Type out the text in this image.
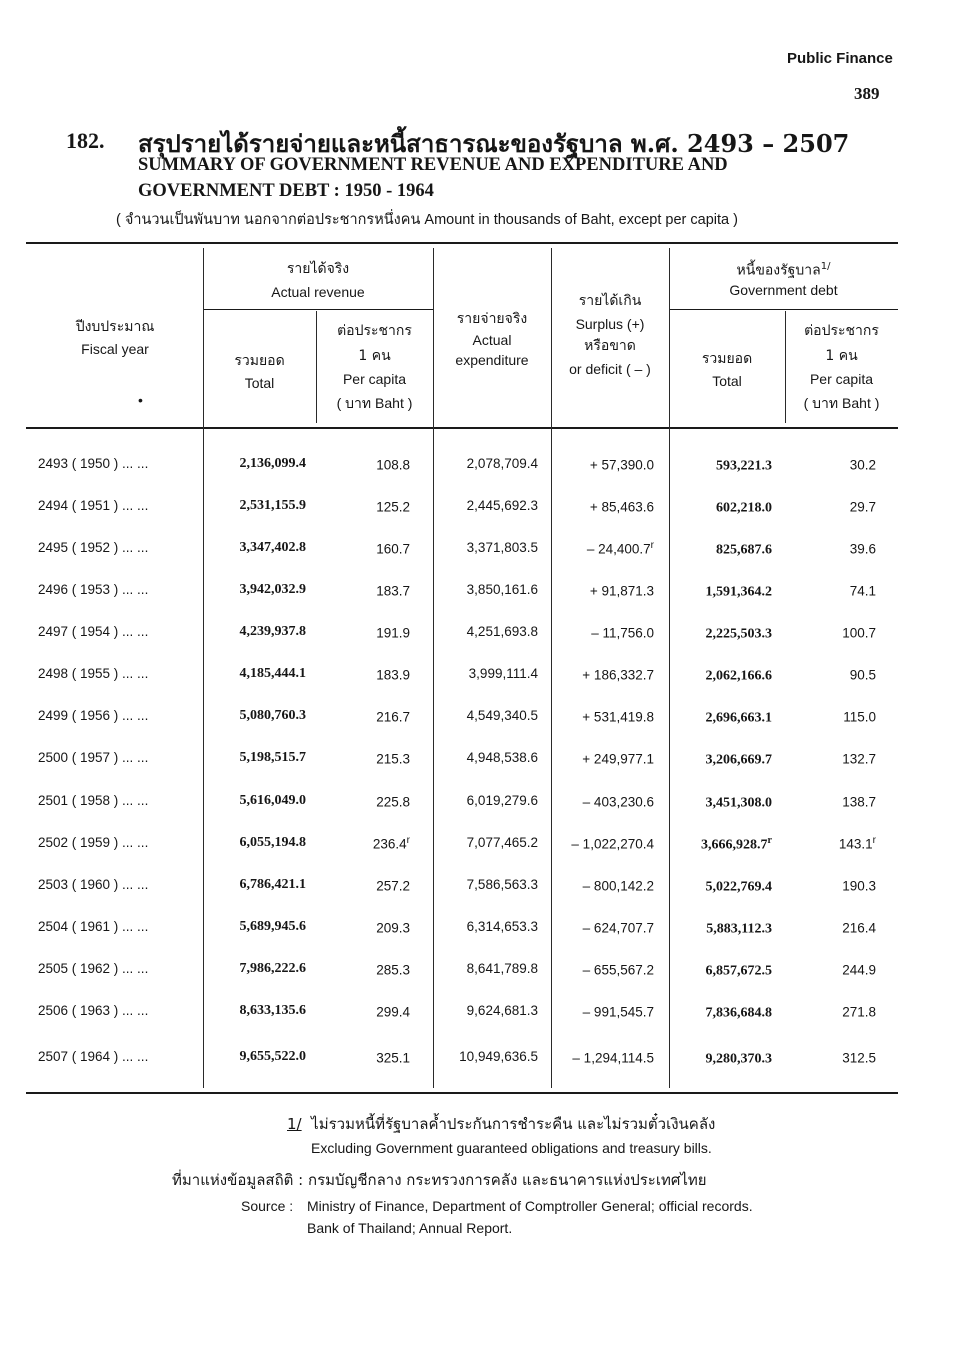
Public Finance
389
182. สรุปรายได้รายจ่ายและหนี้สาธารณะของรัฐบาล พ.ศ. 2493 – 2507
SUMMARY OF GOVERNMENT REVENUE AND EXPENDITURE AND
GOVERNMENT DEBT : 1950 - 1964
( จำนวนเป็นพันบาท นอกจากต่อประชากรหนึ่งคน Amount in thousands of Baht, except per capita )
ปีงบประมาณ
Fiscal year
•
รายได้จริง
Actual revenue
รวมยอด
Total
ต่อประชากร
1 คน
Per capita
( บาท Baht )
รายจ่ายจริง
Actual
expenditure
รายได้เกิน
Surplus (+)
หรือขาด
or deficit ( – )
หนี้ของรัฐบาล$^{1/}$
Government debt
รวมยอด
Total
ต่อประชากร
1 คน
Per capita
( บาท Baht )
2493 ( 1950 ) ... ...	2,136,099.4	108.8	2,078,709.4	+ 57,390.0	593,221.3	30.2
2494 ( 1951 ) ... ...	2,531,155.9	125.2	2,445,692.3	+ 85,463.6	602,218.0	29.7
2495 ( 1952 ) ... ...	3,347,402.8	160.7	3,371,803.5	– 24,400.7$^r$	825,687.6	39.6
2496 ( 1953 ) ... ...	3,942,032.9	183.7	3,850,161.6	+ 91,871.3	1,591,364.2	74.1
2497 ( 1954 ) ... ...	4,239,937.8	191.9	4,251,693.8	– 11,756.0	2,225,503.3	100.7
2498 ( 1955 ) ... ...	4,185,444.1	183.9	3,999,111.4	+ 186,332.7	2,062,166.6	90.5
2499 ( 1956 ) ... ...	5,080,760.3	216.7	4,549,340.5	+ 531,419.8	2,696,663.1	115.0
2500 ( 1957 ) ... ...	5,198,515.7	215.3	4,948,538.6	+ 249,977.1	3,206,669.7	132.7
2501 ( 1958 ) ... ...	5,616,049.0	225.8	6,019,279.6	– 403,230.6	3,451,308.0	138.7
2502 ( 1959 ) ... ...	6,055,194.8	236.4$^r$	7,077,465.2	– 1,022,270.4	3,666,928.7$^r$	143.1$^r$
2503 ( 1960 ) ... ...	6,786,421.1	257.2	7,586,563.3	– 800,142.2	5,022,769.4	190.3
2504 ( 1961 ) ... ...	5,689,945.6	209.3	6,314,653.3	– 624,707.7	5,883,112.3	216.4
2505 ( 1962 ) ... ...	7,986,222.6	285.3	8,641,789.8	– 655,567.2	6,857,672.5	244.9
2506 ( 1963 ) ... ...	8,633,135.6	299.4	9,624,681.3	– 991,545.7	7,836,684.8	271.8
2507 ( 1964 ) ... ...	9,655,522.0	325.1	10,949,636.5	– 1,294,114.5	9,280,370.3	312.5
1/ ไม่รวมหนี้ที่รัฐบาลค้ำประกันการชำระคืน และไม่รวมตั๋วเงินคลัง
Excluding Government guaranteed obligations and treasury bills.
ที่มาแห่งข้อมูลสถิติ : กรมบัญชีกลาง กระทรวงการคลัง และธนาคารแห่งประเทศไทย
Source : Ministry of Finance, Department of Comptroller General; official records.
Bank of Thailand; Annual Report.
